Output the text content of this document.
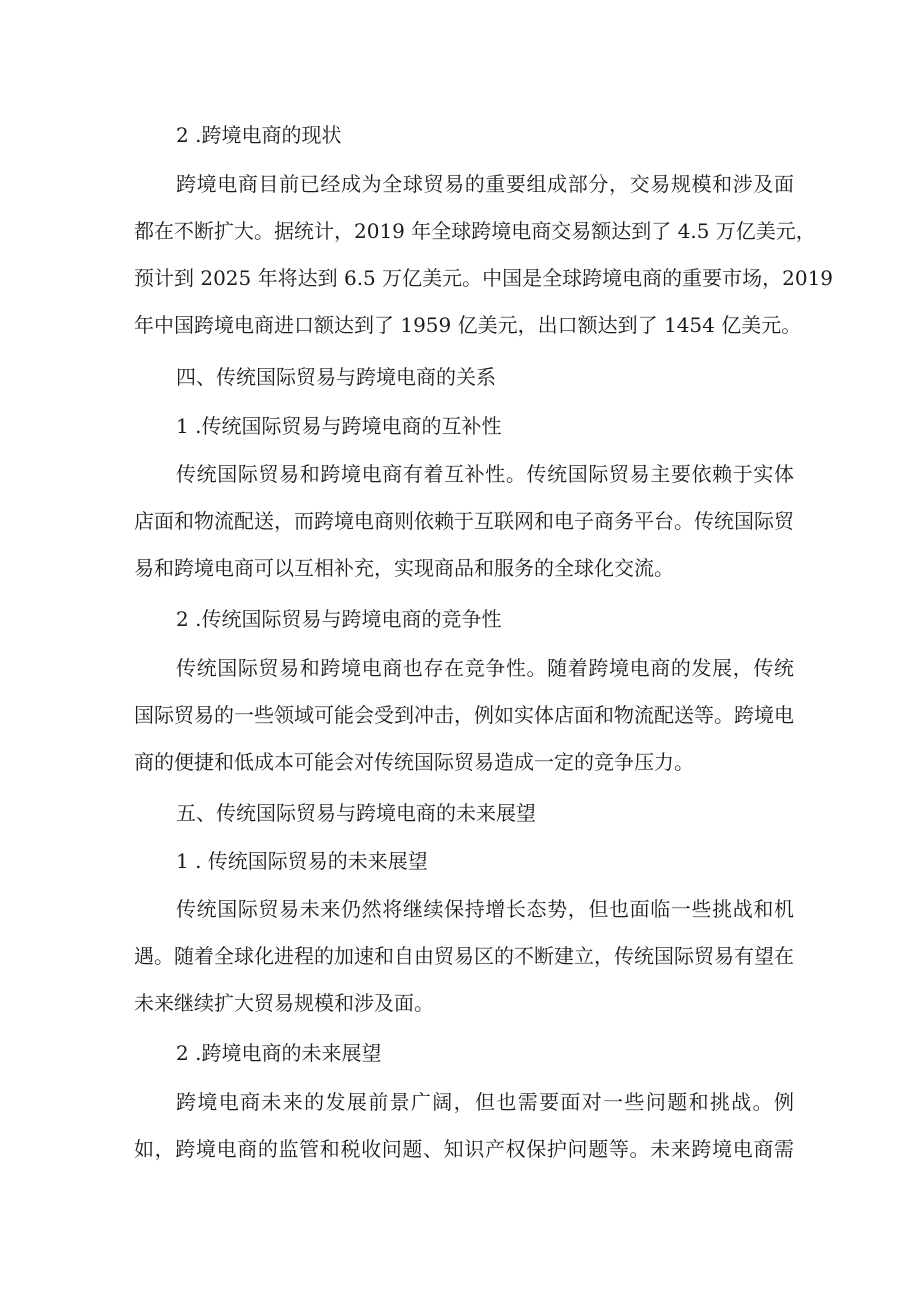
2 .跨境电商的现状

跨境电商目前已经成为全球贸易的重要组成部分，交易规模和涉及面
都在不断扩大。据统计，2019 年全球跨境电商交易额达到了 4.5 万亿美元，
预计到 2025 年将达到 6.5 万亿美元。中国是全球跨境电商的重要市场，2019
年中国跨境电商进口额达到了 1959 亿美元，出口额达到了 1454 亿美元。

四、传统国际贸易与跨境电商的关系

1 .传统国际贸易与跨境电商的互补性

传统国际贸易和跨境电商有着互补性。传统国际贸易主要依赖于实体
店面和物流配送，而跨境电商则依赖于互联网和电子商务平台。传统国际贸
易和跨境电商可以互相补充，实现商品和服务的全球化交流。

2 .传统国际贸易与跨境电商的竞争性

传统国际贸易和跨境电商也存在竞争性。随着跨境电商的发展，传统
国际贸易的一些领域可能会受到冲击，例如实体店面和物流配送等。跨境电
商的便捷和低成本可能会对传统国际贸易造成一定的竞争压力。

五、传统国际贸易与跨境电商的未来展望

1 . 传统国际贸易的未来展望

传统国际贸易未来仍然将继续保持增长态势，但也面临一些挑战和机
遇。随着全球化进程的加速和自由贸易区的不断建立，传统国际贸易有望在
未来继续扩大贸易规模和涉及面。

2 .跨境电商的未来展望

跨境电商未来的发展前景广阔，但也需要面对一些问题和挑战。例
如，跨境电商的监管和税收问题、知识产权保护问题等。未来跨境电商需
